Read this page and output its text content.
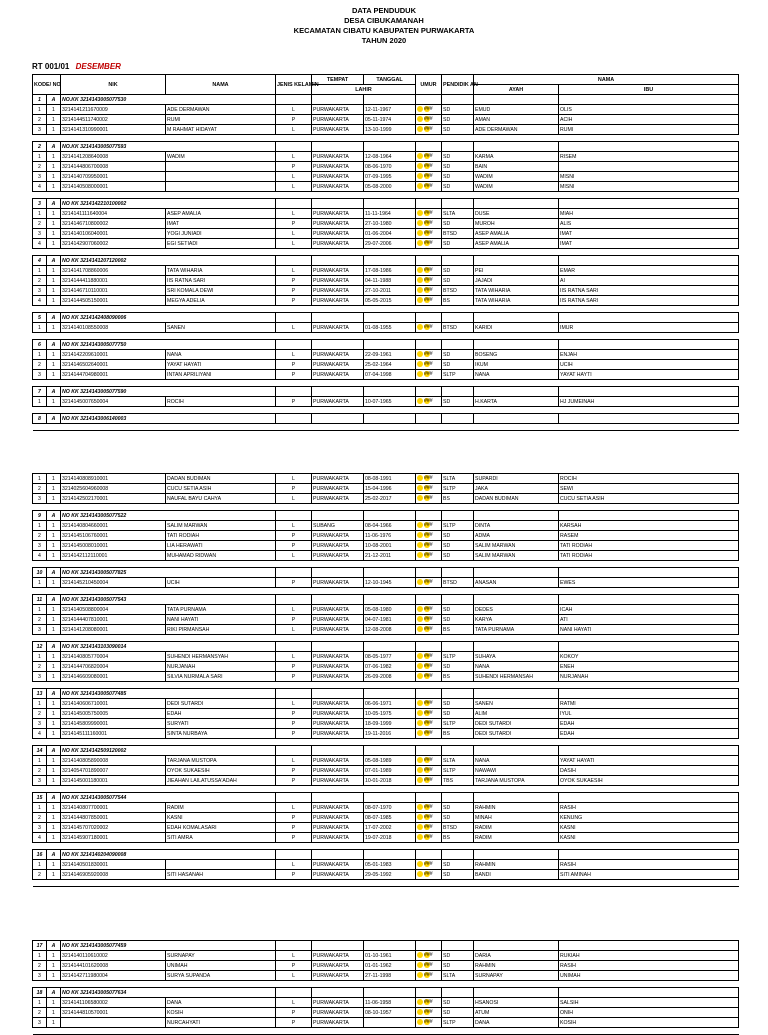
DATA PENDUDUK
DESA CIBUKAMANAH
KECAMATAN CIBATU KABUPATEN PURWAKARTA
TAHUN 2020
RT 001/01 DESEMBER
KODE/ NO		NIK	NAMA	JENIS KELAMIN	TEMPAT	TANGGAL	UMUR	PENDIDIK AN	NAMA	
					LAHIR				AYAH	IBU
1	A	NO.KK 3214143005077530								
1	1	3214141211670009	ADE DERMAWAN	L	PURWAKARTA	12-11-1967	###	SD	EMUD	OLIS
2	1	3214144511740002	RUMI	P	PURWAKARTA	05-11-1974	###	SD	AMAN	ACIH
3	1	3214141310990001	M RAHMAT HIDAYAT	L	PURWAKARTA	13-10-1999	###	SD	ADE DERMAWAN	RUMI

2	A	NO.KK 3214143005077593								
1	1	3214141208640008	WADIM	L	PURWAKARTA	12-08-1964	###	SD	KARMA	RISEM
2	1	3214144806700008		P	PURWAKARTA	08-06-1970	###	SD	BAIN	
3	1	3214140709950001		L	PURWAKARTA	07-09-1995	###	SD	WADIM	MISNI
4	1	3214140508000001		L	PURWAKARTA	05-08-2000	###	SD	WADIM	MISNI

3	A	NO KK 3214142210100002								
1	1	3214141111640004	ASEP AMALIA	L	PURWAKARTA	11-11-1964	###	SLTA	DUSE	MIAH
2	1	3214146710800002	IMAT	P	PURWAKARTA	27-10-1980	###	SD	MUROH	ALIS
3	1	3214140106040001	YOGI JUNIADI	L	PURWAKARTA	01-06-2004	###	BTSD	ASEP AMALIA	IMAT
4	1	3214142907060002	EGI SETIADI	L	PURWAKARTA	29-07-2006	###	SD	ASEP AMALIA	IMAT

4	A	NO KK 3214141207120002								
1	1	3214141708860006	TATA WIHARIA	L	PURWAKARTA	17-08-1986	###	SD	PEI	EMAR
2	1	3214144411880001	IIS RATNA SARI	P	PURWAKARTA	04-11-1988	###	SD	JAJADI	AI
3	1	3214146710110001	SRI KOMALA DEWI	P	PURWAKARTA	27-10-2011	###	BTSD	TATA WIHARIA	IIS RATNA SARI
4	1	3214144505150001	MEGYA ADELIA	P	PURWAKARTA	05-05-2015	###	BS	TATA WIHARIA	IIS RATNA SARI

5	A	NO KK 3214142408090006								
1	1	3214140108550008	SANEN	L	PURWAKARTA	01-08-1955	###	BTSD	KARIDI	IMUR

6	A	NO KK 3214143005077750								
1	1	3214142209610001	NANA	L	PURWAKARTA	22-09-1961	###	SD	BOSENG	ENJAH
2	1	3214146502640001	YAYAT HAYATI	P	PURWAKARTA	25-02-1964	###	SD	IKUM	UCIH
3	1	3214144704980001	INTAN APRILIYANI	P	PURWAKARTA	07-04-1998	###	SLTP	NANA	YAYAT HAYTI

7	A	NO KK 3214143005077590								
1	1	3214145007650004	ROCIH	P	PURWAKARTA	10-07-1965	###	SD	H.KARTA	HJ JUMEINAH

8	A	NO KK 3214143006140003								

1	1	3214140808910001	DADAN BUDIMAN	L	PURWAKARTA	08-08-1991	###	SLTA	SUPARDI	ROCIH
2	1	3214025604960008	CUCU SETIA ASIH	P	PURWAKARTA	15-04-1996	###	SLTP	JAKA	SEWI
3	1	3214142502170001	NAUFAL BAYU CAHYA	L	PURWAKARTA	25-02-2017	###	BS	DADAN BUDIMAN	CUCU SETIA ASIH

9	A	NO KK 3214143005077522								
1	1	3214140804660001	SALIM MARWAN	L	SUBANG	08-04-1966	###	SLTP	DINTA	KARSAH
2	1	3214145106760001	TATI RODIAH	P	PURWAKARTA	11-06-1976	###	SD	ADMA	RASEM
3	1	3214145008010001	LIA HERAWATI	P	PURWAKARTA	10-08-2001	###	SD	SALIM MARWAN	TATI RODIAH
4	1	3214142112110001	MUHAMAD RIDWAN	L	PURWAKARTA	21-12-2011	###	SD	SALIM MARWAN	TATI RODIAH

10	A	NO KK 3214143005077825								
1	1	3214145210450004	UCIH	P	PURWAKARTA	12-10-1945	###	BTSD	ANASAN	EWES

11	A	NO KK 3214143005077543								
1	1	3214140508800004	TATA PURNAMA	L	PURWAKARTA	05-08-1980	###	SD	DEDES	ICAH
2	1	3214144407810001	NANI HAYATI	P	PURWAKARTA	04-07-1981	###	SD	KARYA	ATI
3	1	3214141208080001	RIKI PIRMANSAH	L	PURWAKARTA	12-08-2008	###	BS	TATA PURNAMA	NANI HAYATI

12	A	NO KK 3214143103090014								
1	1	3214140805770004	SUHENDI HERMANSYAH	L	PURWAKARTA	08-05-1977	###	SLTP	SUHAYA	KOKOY
2	1	3214144706820004	NURJANAH	P	PURWAKARTA	07-06-1982	###	SD	NANA	ENEH
3	1	3214146609080001	SILVIA NURMALA SARI	P	PURWAKARTA	26-09-2008	###	BS	SUHENDI HERMANSAH	NURJANAH

13	A	NO KK 3214143005077485								
1	1	3214140606710001	DEDI SUTARDI	L	PURWAKARTA	06-06-1971	###	SD	SANEN	RATMI
2	1	3214145005750005	EDAH	P	PURWAKARTA	10-05-1975	###	SD	ALIM	IYUL
3	1	3214145809990001	SURYATI	P	PURWAKARTA	18-09-1999	###	SLTP	DEDI SUTARDI	EDAH
4	1	3214145111160001	SINTA NURBAYA	P	PURWAKARTA	19-11-2016	###	BS	DEDI SUTARDI	EDAH

14	A	NO KK 3214142509120002								
1	1	3214140805890008	TARJANA MUSTOPA	L	PURWAKARTA	05-08-1989	###	SLTA	NANA	YAYAT HAYATI
2	1	3214054701890007	OYOK SUKAESIH	P	PURWAKARTA	07-01-1989	###	SLTP	NAWAWI	DASIH
3	1	3214145001180001	JIEAHAN LAILATUSSA'ADAH	P	PURWAKARTA	10-01-2018	###	TBS	TARJANA MUSTOPA	OYOK SUKAESIH

15	A	NO KK 3214143005077544								
1	1	3214140807700001	RADIM	L	PURWAKARTA	08-07-1970	###	SD	RAHMIN	RASIH
2	1	3214144807850001	KASNI	P	PURWAKARTA	08-07-1985	###	SD	MINAH	KENUNG
3	1	3214145707020002	EDAH KOMALASARI	P	PURWAKARTA	17-07-2002	###	BTSD	RADIM	KASNI
4	1	3214145907180001	SITI AMRA	P	PURWAKARTA	19-07-2018	###	BS	RADIM	KASNI

16	A	NO KK 3214140204090008								
1	1	3214140501830001		L	PURWAKARTA	05-01-1983	###	SD	RAHMIN	RASIH
2	1	3214146905920008	SITI HASANAH	P	PURWAKARTA	29-05-1992	###	SD	BANDI	SITI AMINAH

17	A	NO KK 3214143005077459								
1	1	3214140110610002	SURNAPAY	L	PURWAKARTA	01-10-1961	###	SD	DARIA	RUKIAH
2	1	3214144101620008	UNIMAH	P	PURWAKARTA	01-01-1962	###	SD	RAHMIN	RASIH
3	1	3214142711980004	SURYA SUPANDA	L	PURWAKARTA	27-11-1998	###	SLTA	SURNAPAY	UNIMAH

18	A	NO KK 3214143005077634								
1	1	3214141106580002	DANA	L	PURWAKARTA	11-06-1958	###	SD	HSANOSI	SALSIH
2	1	3214144810570001	KOSIH	P	PURWAKARTA	08-10-1957	###	SD	ATUM	ONIH
3	1		NURCAHYATI	P	PURWAKARTA		###	SLTP	DANA	KOSIH
